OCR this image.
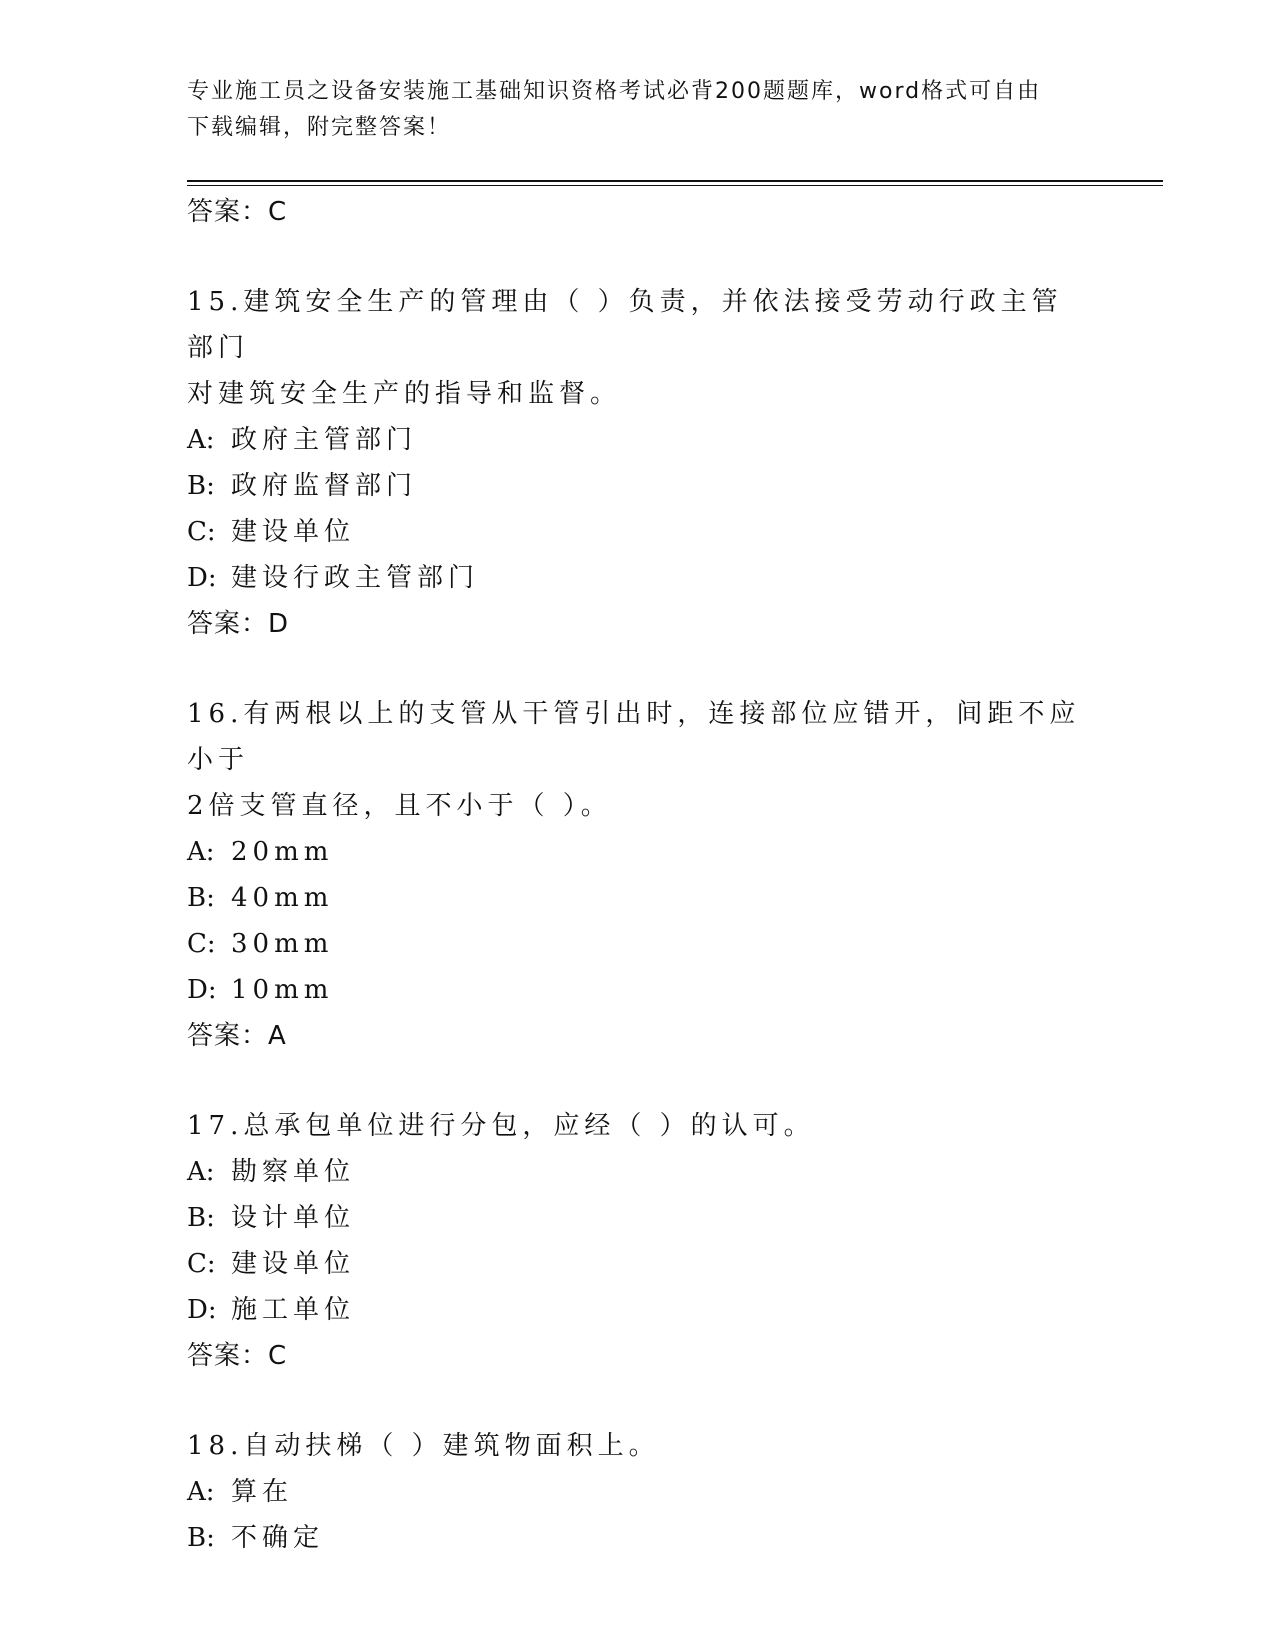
专业施工员之设备安装施工基础知识资格考试必背200题题库，word格式可自由
下载编辑，附完整答案！
答案：C
15.建筑安全生产的管理由（ ）负责，并依法接受劳动行政主管部门
对建筑安全生产的指导和监督。
A: 政府主管部门
B: 政府监督部门
C: 建设单位
D: 建设行政主管部门
答案：D
16.有两根以上的支管从干管引出时，连接部位应错开，间距不应小于
2倍支管直径，且不小于（ ）。
A: 20mm
B: 40mm
C: 30mm
D: 10mm
答案：A
17.总承包单位进行分包，应经（ ）的认可。
A: 勘察单位
B: 设计单位
C: 建设单位
D: 施工单位
答案：C
18.自动扶梯（ ）建筑物面积上。
A: 算在
B: 不确定
